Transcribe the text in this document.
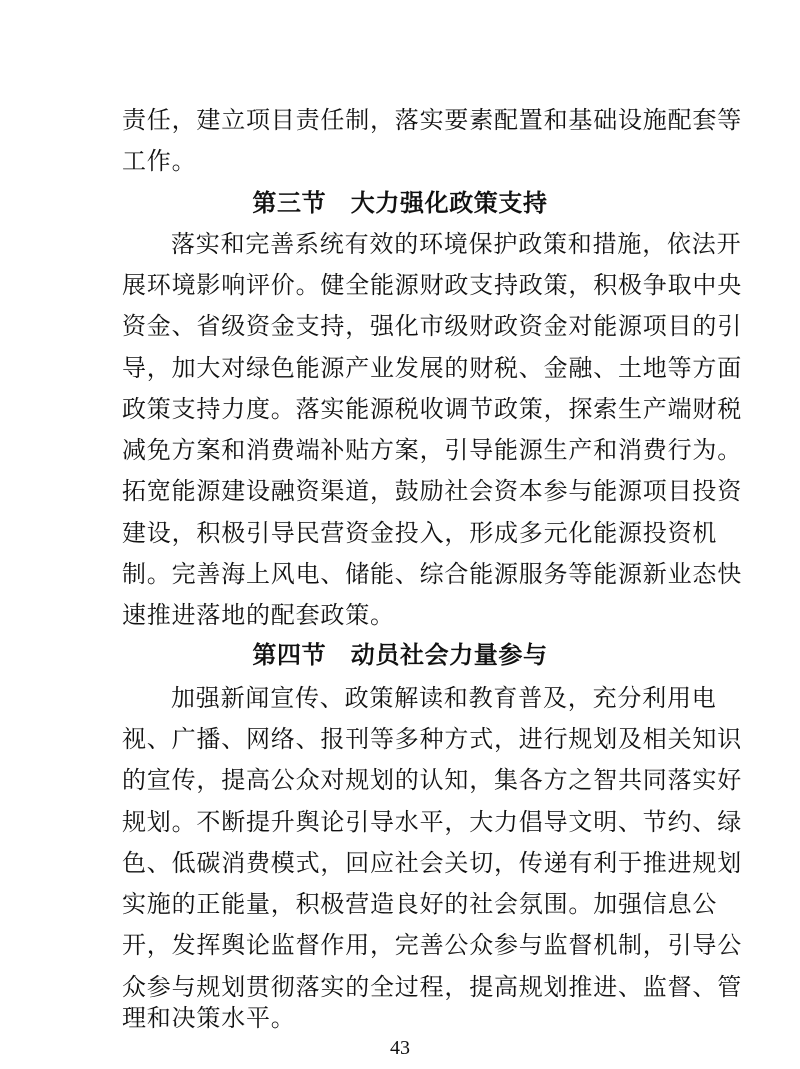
责任，建立项目责任制，落实要素配置和基础设施配套等
工作。
第三节　大力强化政策支持
落实和完善系统有效的环境保护政策和措施，依法开
展环境影响评价。健全能源财政支持政策，积极争取中央
资金、省级资金支持，强化市级财政资金对能源项目的引
导，加大对绿色能源产业发展的财税、金融、土地等方面
政策支持力度。落实能源税收调节政策，探索生产端财税
减免方案和消费端补贴方案，引导能源生产和消费行为。
拓宽能源建设融资渠道，鼓励社会资本参与能源项目投资
建设，积极引导民营资金投入，形成多元化能源投资机
制。完善海上风电、储能、综合能源服务等能源新业态快
速推进落地的配套政策。
第四节　动员社会力量参与
加强新闻宣传、政策解读和教育普及，充分利用电
视、广播、网络、报刊等多种方式，进行规划及相关知识
的宣传，提高公众对规划的认知，集各方之智共同落实好
规划。不断提升舆论引导水平，大力倡导文明、节约、绿
色、低碳消费模式，回应社会关切，传递有利于推进规划
实施的正能量，积极营造良好的社会氛围。加强信息公
开，发挥舆论监督作用，完善公众参与监督机制，引导公
众参与规划贯彻落实的全过程，提高规划推进、监督、管
理和决策水平。
43
